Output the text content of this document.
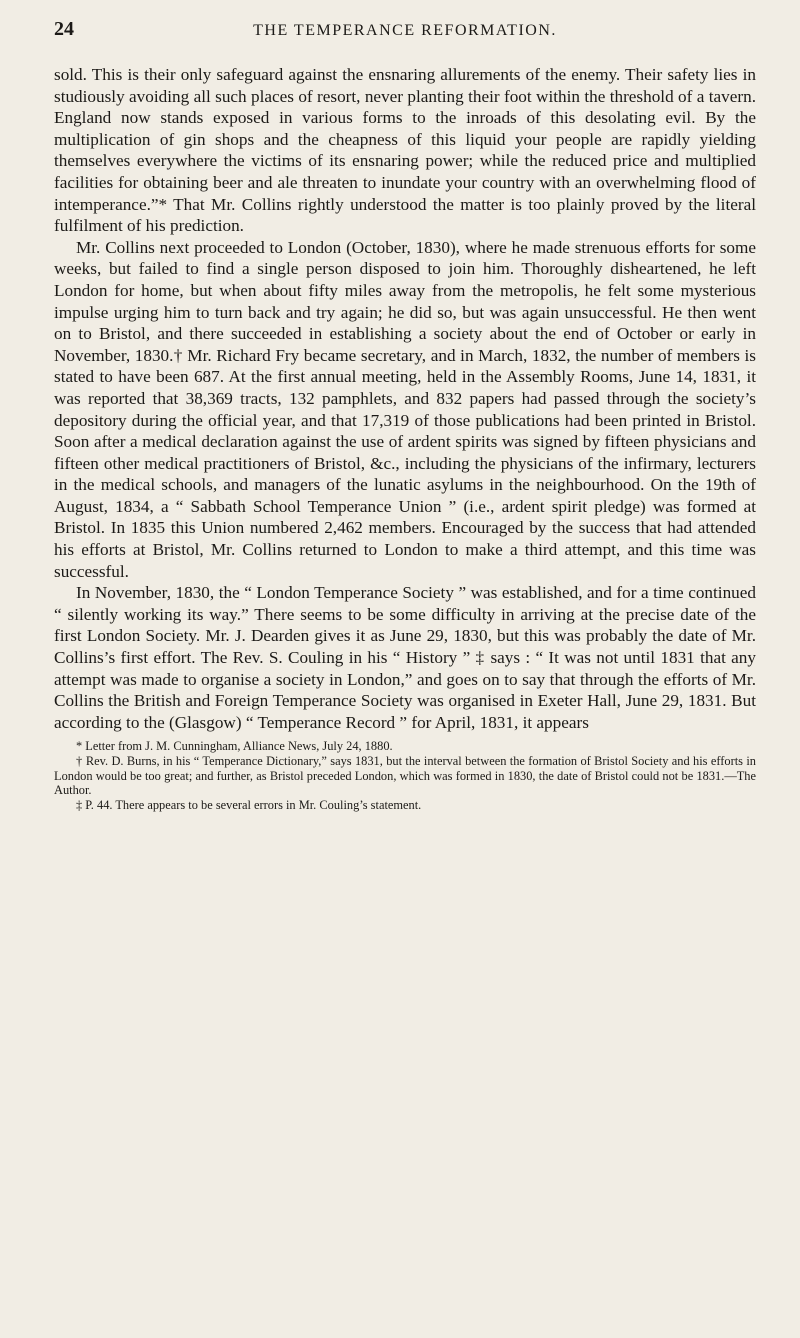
24	THE TEMPERANCE REFORMATION.

sold. This is their only safeguard against the ensnaring allurements of the enemy. Their safety lies in studiously avoiding all such places of resort, never planting their foot within the threshold of a tavern. England now stands exposed in various forms to the inroads of this desolating evil. By the multiplication of gin shops and the cheapness of this liquid your people are rapidly yielding themselves everywhere the victims of its ensnaring power; while the reduced price and multiplied facilities for obtaining beer and ale threaten to inundate your country with an overwhelming flood of intemperance.”* That Mr. Collins rightly understood the matter is too plainly proved by the literal fulfilment of his prediction.

Mr. Collins next proceeded to London (October, 1830), where he made strenuous efforts for some weeks, but failed to find a single person disposed to join him. Thoroughly disheartened, he left London for home, but when about fifty miles away from the metropolis, he felt some mysterious impulse urging him to turn back and try again; he did so, but was again unsuccessful. He then went on to Bristol, and there succeeded in establishing a society about the end of October or early in November, 1830.† Mr. Richard Fry became secretary, and in March, 1832, the number of members is stated to have been 687. At the first annual meeting, held in the Assembly Rooms, June 14, 1831, it was reported that 38,369 tracts, 132 pamphlets, and 832 papers had passed through the society’s depository during the official year, and that 17,319 of those publications had been printed in Bristol. Soon after a medical declaration against the use of ardent spirits was signed by fifteen physicians and fifteen other medical practitioners of Bristol, &c., including the physicians of the infirmary, lecturers in the medical schools, and managers of the lunatic asylums in the neighbourhood. On the 19th of August, 1834, a “ Sabbath School Temperance Union ” (i.e., ardent spirit pledge) was formed at Bristol. In 1835 this Union numbered 2,462 members. Encouraged by the success that had attended his efforts at Bristol, Mr. Collins returned to London to make a third attempt, and this time was successful.

In November, 1830, the “ London Temperance Society ” was established, and for a time continued “ silently working its way.” There seems to be some difficulty in arriving at the precise date of the first London Society. Mr. J. Dearden gives it as June 29, 1830, but this was probably the date of Mr. Collins’s first effort. The Rev. S. Couling in his “ History ” ‡ says : “ It was not until 1831 that any attempt was made to organise a society in London,” and goes on to say that through the efforts of Mr. Collins the British and Foreign Temperance Society was organised in Exeter Hall, June 29, 1831. But according to the (Glasgow) “ Temperance Record ” for April, 1831, it appears

* Letter from J. M. Cunningham, Alliance News, July 24, 1880.

† Rev. D. Burns, in his “ Temperance Dictionary,” says 1831, but the interval between the formation of Bristol Society and his efforts in London would be too great; and further, as Bristol preceded London, which was formed in 1830, the date of Bristol could not be 1831.—The Author.

‡ P. 44. There appears to be several errors in Mr. Couling’s statement.
